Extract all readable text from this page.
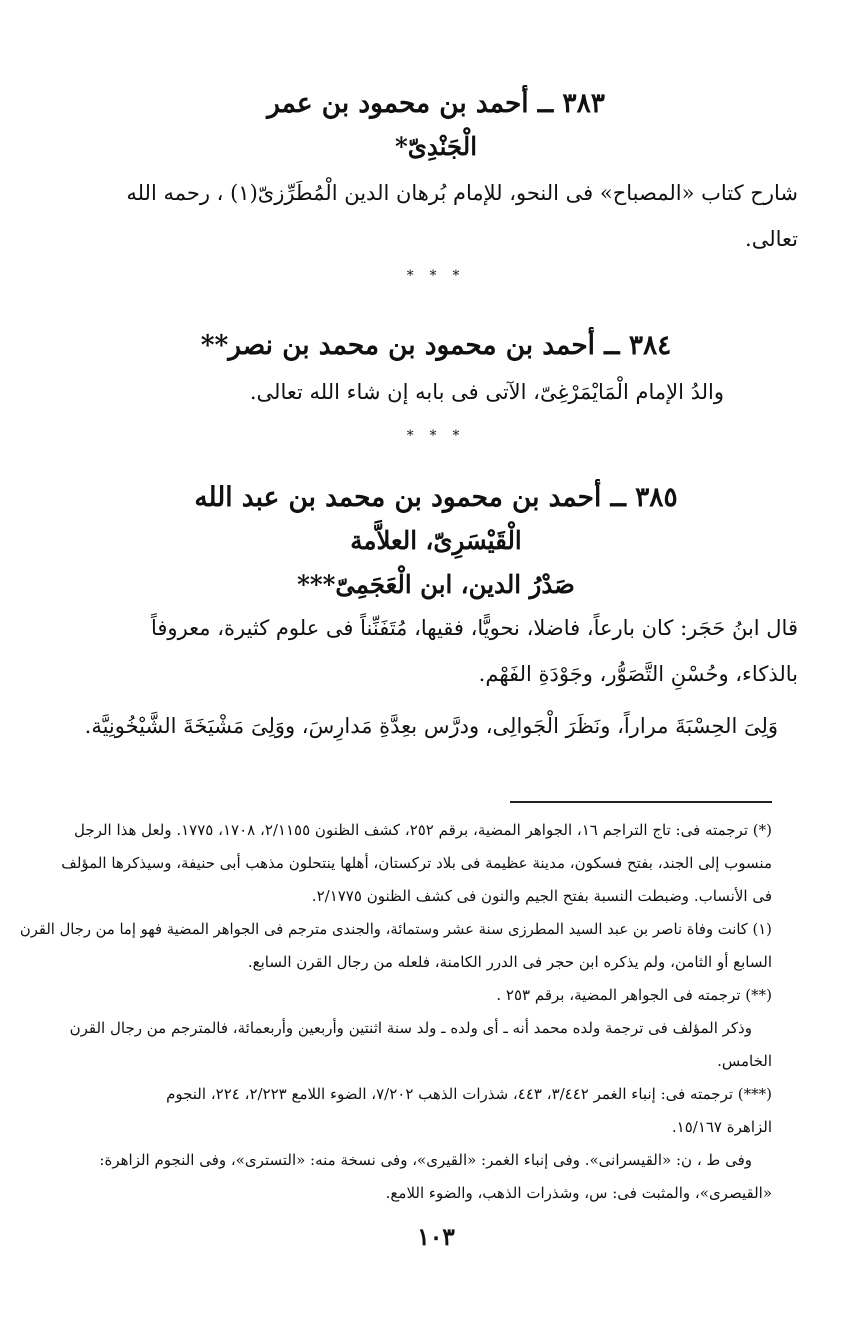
٣٨٣ ــ أحمد بن محمود بن عمر
الْجَنْدِىّ*
شارح كتاب «المصباح» فى النحو، للإمام بُرهان الدين الْمُطَرِّزىّ(١) ، رحمه الله
تعالى.
* * *
٣٨٤ ــ أحمد بن محمود بن محمد بن نصر**
والدُ الإمام الْمَايْمَرْغِىّ، الآتى فى بابه إن شاء الله تعالى.
* * *
٣٨٥ ــ أحمد بن محمود بن محمد بن عبد الله
الْقَيْسَرِىّ، العلاَّمة
صَدْرُ الدين، ابن الْعَجَمِىّ***
قال ابنُ حَجَر: كان بارعاً، فاضلا، نحويًّا، فقيها، مُتَفَنِّناً فى علوم كثيرة، معروفاً
بالذكاء، وحُسْنِ التَّصَوُّر، وجَوْدَةِ الفَهْم.
وَلِىَ الحِسْبَةَ مراراً، ونَظَرَ الْجَوالِى، ودرَّس بعِدَّةِ مَدارِسَ، ووَلِىَ مَشْيَخَةَ الشَّيْخُونِيَّة.
(*) ترجمته فى: تاج التراجم ١٦، الجواهر المضية، برقم ٢٥٢، كشف الظنون ٢/١١٥٥، ١٧٠٨، ١٧٧٥. ولعل هذا الرجل
منسوب إلى الجند، بفتح فسكون، مدينة عظيمة فى بلاد تركستان، أهلها ينتحلون مذهب أبى حنيفة، وسيذكرها المؤلف
فى الأنساب. وضبطت النسبة بفتح الجيم والنون فى كشف الظنون ٢/١٧٧٥.
(١) كانت وفاة ناصر بن عبد السيد المطرزى سنة عشر وستمائة، والجندى مترجم فى الجواهر المضية فهو إما من رجال القرن
السابع أو الثامن، ولم يذكره ابن حجر فى الدرر الكامنة، فلعله من رجال القرن السابع.
(**) ترجمته فى الجواهر المضية، برقم ٢٥٣ .
وذكر المؤلف فى ترجمة ولده محمد أنه ـ أى ولده ـ ولد سنة اثنتين وأربعين وأربعمائة، فالمترجم من رجال القرن
الخامس.
(***) ترجمته فى: إنباء الغمر ٣/٤٤٢، ٤٤٣، شذرات الذهب ٧/٢٠٢، الضوء اللامع ٢/٢٢٣، ٢٢٤، النجوم
الزاهرة ١٥/١٦٧.
وفى ط ، ن: «القيسرانى». وفى إنباء الغمر: «القيرى»، وفى نسخة منه: «التسترى»، وفى النجوم الزاهرة:
«القيصرى»، والمثبت فى: س، وشذرات الذهب، والضوء اللامع.
١٠٣
